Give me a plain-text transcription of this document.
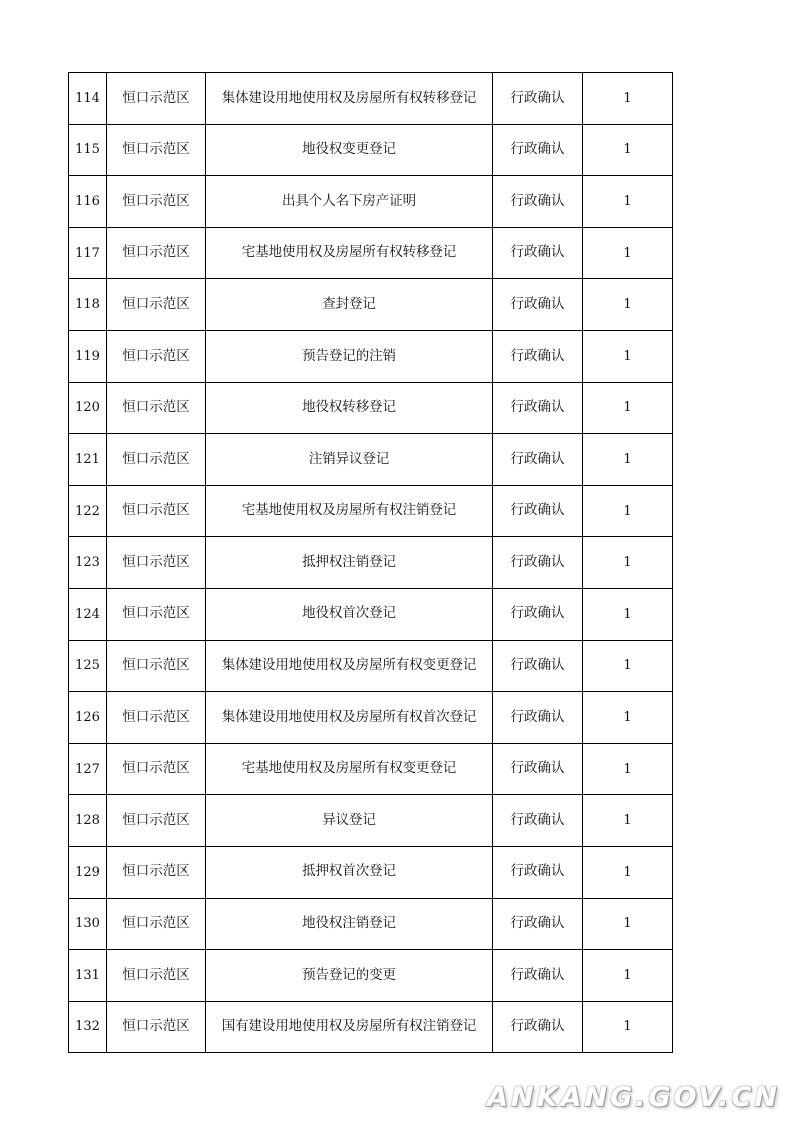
114	恒口示范区	集体建设用地使用权及房屋所有权转移登记	行政确认	1
115	恒口示范区	地役权变更登记	行政确认	1
116	恒口示范区	出具个人名下房产证明	行政确认	1
117	恒口示范区	宅基地使用权及房屋所有权转移登记	行政确认	1
118	恒口示范区	查封登记	行政确认	1
119	恒口示范区	预告登记的注销	行政确认	1
120	恒口示范区	地役权转移登记	行政确认	1
121	恒口示范区	注销异议登记	行政确认	1
122	恒口示范区	宅基地使用权及房屋所有权注销登记	行政确认	1
123	恒口示范区	抵押权注销登记	行政确认	1
124	恒口示范区	地役权首次登记	行政确认	1
125	恒口示范区	集体建设用地使用权及房屋所有权变更登记	行政确认	1
126	恒口示范区	集体建设用地使用权及房屋所有权首次登记	行政确认	1
127	恒口示范区	宅基地使用权及房屋所有权变更登记	行政确认	1
128	恒口示范区	异议登记	行政确认	1
129	恒口示范区	抵押权首次登记	行政确认	1
130	恒口示范区	地役权注销登记	行政确认	1
131	恒口示范区	预告登记的变更	行政确认	1
132	恒口示范区	国有建设用地使用权及房屋所有权注销登记	行政确认	1
ANKANG.GOV.CN
